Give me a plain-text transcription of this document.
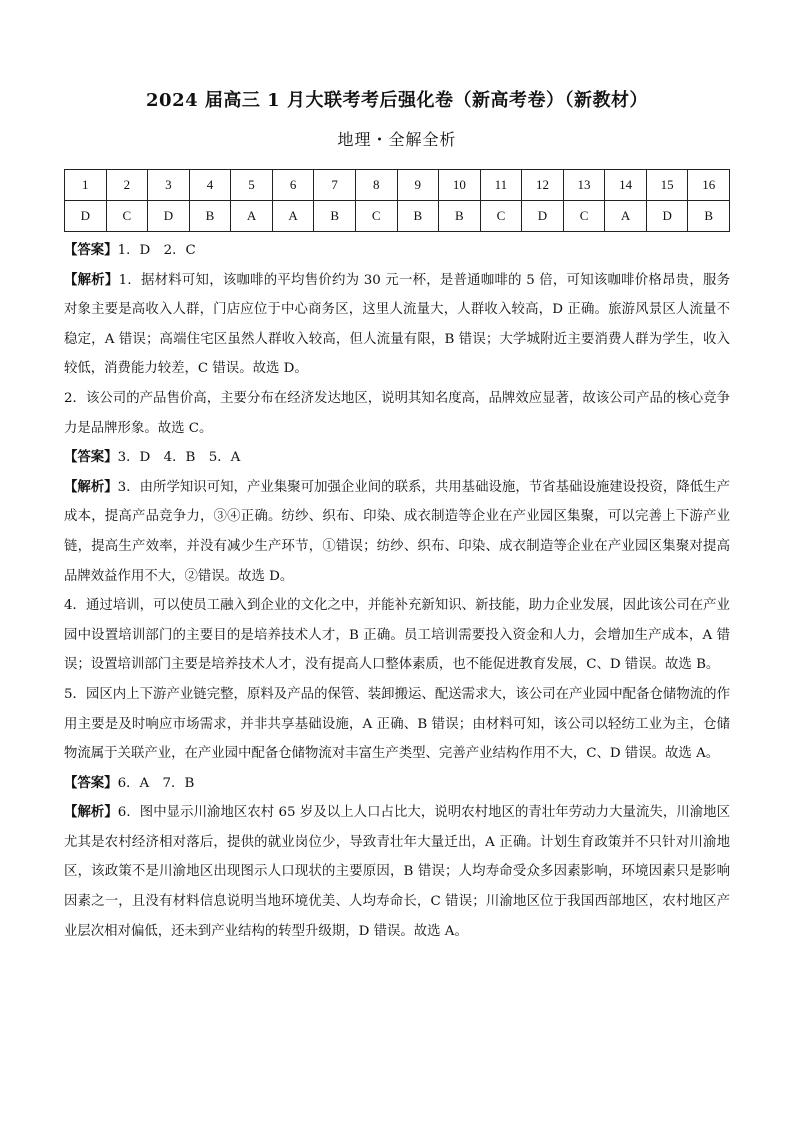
2024 届高三 1 月大联考考后强化卷（新高考卷）（新教材）
地理・全解全析
1	2	3	4	5	6	7	8	9	10	11	12	13	14	15	16
D	C	D	B	A	A	B	C	B	B	C	D	C	A	D	B

【答案】1．D　2．C

【解析】1．据材料可知，该咖啡的平均售价约为 30 元一杯，是普通咖啡的 5 倍，可知该咖啡价格昂贵，服务对象主要是高收入人群，门店应位于中心商务区，这里人流量大，人群收入较高，D 正确。旅游风景区人流量不稳定，A 错误；高端住宅区虽然人群收入较高，但人流量有限，B 错误；大学城附近主要消费人群为学生，收入较低，消费能力较差，C 错误。故选 D。

2．该公司的产品售价高，主要分布在经济发达地区，说明其知名度高，品牌效应显著，故该公司产品的核心竞争力是品牌形象。故选 C。

【答案】3．D　4．B　5．A

【解析】3．由所学知识可知，产业集聚可加强企业间的联系，共用基础设施，节省基础设施建设投资，降低生产成本，提高产品竞争力，③④正确。纺纱、织布、印染、成衣制造等企业在产业园区集聚，可以完善上下游产业链，提高生产效率，并没有减少生产环节，①错误；纺纱、织布、印染、成衣制造等企业在产业园区集聚对提高品牌效益作用不大，②错误。故选 D。

4．通过培训，可以使员工融入到企业的文化之中，并能补充新知识、新技能，助力企业发展，因此该公司在产业园中设置培训部门的主要目的是培养技术人才，B 正确。员工培训需要投入资金和人力，会增加生产成本，A 错误；设置培训部门主要是培养技术人才，没有提高人口整体素质，也不能促进教育发展，C、D 错误。故选 B。

5．园区内上下游产业链完整，原料及产品的保管、装卸搬运、配送需求大，该公司在产业园中配备仓储物流的作用主要是及时响应市场需求，并非共享基础设施，A 正确、B 错误；由材料可知，该公司以轻纺工业为主，仓储物流属于关联产业，在产业园中配备仓储物流对丰富生产类型、完善产业结构作用不大，C、D 错误。故选 A。

【答案】6．A　7．B

【解析】6．图中显示川渝地区农村 65 岁及以上人口占比大，说明农村地区的青壮年劳动力大量流失，川渝地区尤其是农村经济相对落后，提供的就业岗位少，导致青壮年大量迁出，A 正确。计划生育政策并不只针对川渝地区，该政策不是川渝地区出现图示人口现状的主要原因，B 错误；人均寿命受众多因素影响，环境因素只是影响因素之一，且没有材料信息说明当地环境优美、人均寿命长，C 错误；川渝地区位于我国西部地区，农村地区产业层次相对偏低，还未到产业结构的转型升级期，D 错误。故选 A。
